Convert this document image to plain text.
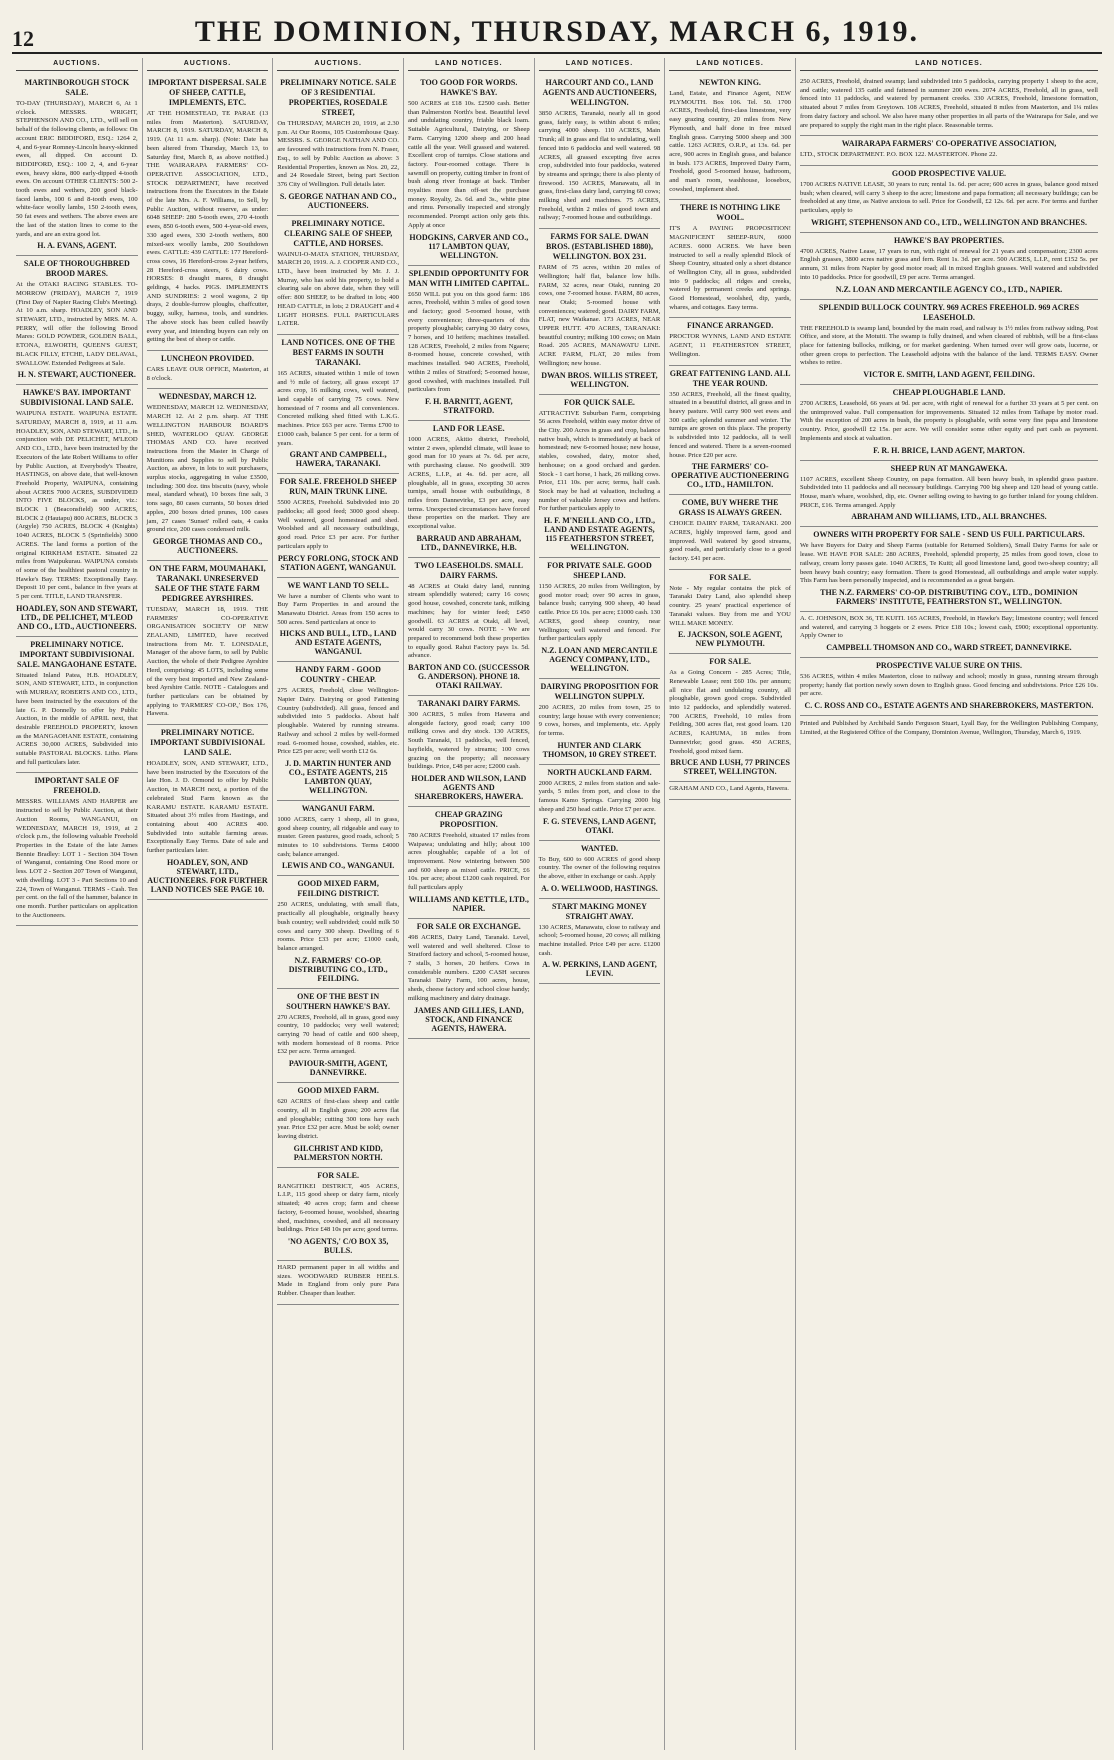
12	THE DOMINION, THURSDAY, MARCH 6, 1919.
AUCTIONS.
MARTINBOROUGH STOCK SALE.
TO-DAY (THURSDAY), MARCH 6, At 1 o'clock. MESSRS. WRIGHT, STEPHENSON AND CO., LTD., will sell on behalf of the following clients, as follows: On account ERIC BIDDIFORD, ESQ.: 1264 2, 4, and 6-year Romney-Lincoln heavy-skinned ewes, all dipped. On account D. BIDDIFORD, ESQ.: 100 2, 4, and 6-year ewes, heavy skins, 800 early-dipped 4-tooth ewes. On account OTHER CLIENTS: 500 2-tooth ewes and wethers, 200 good black-faced lambs, 100 6 and 8-tooth ewes, 100 white-face woolly lambs, 150 2-tooth ewes, 50 fat ewes and wethers. The above ewes are the last of the station lines to come to the yards, and are an extra good lot.
H. A. EVANS, AGENT.
SALE OF THOROUGHBRED BROOD MARES.
At the OTAKI RACING STABLES. TO-MORROW (FRIDAY), MARCH 7, 1919 (First Day of Napier Racing Club's Meeting). At 10 a.m. sharp. HOADLEY, SON AND STEWART, LTD., instructed by MRS. M. A. PERRY, will offer the following Brood Mares: GOLD POWDER, GOLDEN BALL, ETONA, ELWORTH, QUEEN'S GUEST, BLACK FILLY, ETCHE, LADY DELAVAL, SWALLOW. Extended Pedigrees at Sale.
H. N. STEWART, AUCTIONEER.
HAWKE'S BAY. IMPORTANT SUBDIVISIONAL LAND SALE.
WAIPUNA ESTATE. WAIPUNA ESTATE. SATURDAY, MARCH 8, 1919, at 11 a.m. HOADLEY, SON, AND STEWART, LTD., in conjunction with DE PELICHET, M'LEOD AND CO., LTD., have been instructed by the Executors of the late Robert Williams to offer by Public Auction, at Everybody's Theatre, HASTINGS, on above date, that well-known Freehold Property, WAIPUNA, containing about ACRES 7000 ACRES, SUBDIVIDED INTO FIVE BLOCKS, as under, viz.: BLOCK 1 (Beaconsfield) 900 ACRES, BLOCK 2 (Hautapu) 800 ACRES, BLOCK 3 (Argyle) 750 ACRES, BLOCK 4 (Knights) 1040 ACRES, BLOCK 5 (Sprinfields) 3000 ACRES. The land forms a portion of the original KIRKHAM ESTATE. Situated 22 miles from Waipukurau. WAIPUNA consists of some of the healthiest pastoral country in Hawke's Bay. TERMS: Exceptionally Easy. Deposit 10 per cent., balance in five years at 5 per cent. TITLE, LAND TRANSFER.
HOADLEY, SON AND STEWART, LTD., DE PELICHET, M'LEOD AND CO., LTD., AUCTIONEERS.
PRELIMINARY NOTICE. IMPORTANT SUBDIVISIONAL SALE. MANGAOHANE ESTATE.
Situated Inland Patea, H.B. HOADLEY, SON, AND STEWART, LTD., in conjunction with MURRAY, ROBERTS AND CO., LTD., have been instructed by the executors of the late G. P. Donnelly to offer by Public Auction, in the middle of APRIL next, that desirable FREEHOLD PROPERTY, known as the MANGAOHANE ESTATE, containing ACRES 30,000 ACRES, Subdivided into suitable PASTORAL BLOCKS. Litho. Plans and full particulars later.
IMPORTANT SALE OF FREEHOLD.
MESSRS. WILLIAMS AND HARPER are instructed to sell by Public Auction, at their Auction Rooms, WANGANUI, on WEDNESDAY, MARCH 19, 1919, at 2 o'clock p.m., the following valuable Freehold Properties in the Estate of the late James Bennie Bradley: LOT 1 - Section 304 Town of Wanganui, containing One Rood more or less. LOT 2 - Section 207 Town of Wanganui, with dwelling. LOT 3 - Part Sections 10 and 224, Town of Wanganui. TERMS - Cash. Ten per cent. on the fall of the hammer, balance in one month. Further particulars on application to the Auctioneers.
AUCTIONS.
IMPORTANT DISPERSAL SALE OF SHEEP, CATTLE, IMPLEMENTS, ETC.
AT THE HOMESTEAD, TE PARAE (13 miles from Masterton). SATURDAY, MARCH 8, 1919. SATURDAY, MARCH 8, 1919. (At 11 a.m. sharp). (Note: Date has been altered from Thursday, March 13, to Saturday first, March 8, as above notified.) THE WAIRARAPA FARMERS' CO-OPERATIVE ASSOCIATION, LTD., STOCK DEPARTMENT, have received instructions from the Executors in the Estate of the late Mrs. A. F. Williams, to Sell, by Public Auction, without reserve, as under: 6048 SHEEP: 280 5-tooth ewes, 270 4-tooth ewes, 850 6-tooth ewes, 500 4-year-old ewes, 330 aged ewes, 330 2-tooth wethers, 800 mixed-sex woolly lambs, 200 Southdown ewes. CATTLE: 439 CATTLE: 177 Hereford-cross cows, 16 Hereford-cross 2-year heifers, 28 Hereford-cross steers, 6 dairy cows. HORSES: 8 draught mares, 8 draught geldings, 4 hacks. PIGS. IMPLEMENTS AND SUNDRIES: 2 wool wagons, 2 tip drays, 2 double-furrow ploughs, chaffcutter, buggy, sulky, harness, tools, and sundries. The above stock has been culled heavily every year, and intending buyers can rely on getting the best of sheep or cattle.
LUNCHEON PROVIDED.
CARS LEAVE OUR OFFICE, Masterton, at 8 o'clock.
WEDNESDAY, MARCH 12.
WEDNESDAY, MARCH 12. WEDNESDAY, MARCH 12. At 2 p.m. sharp. AT THE WELLINGTON HARBOUR BOARD'S SHED, WATERLOO QUAY. GEORGE THOMAS AND CO. have received instructions from the Master in Charge of Munitions and Supplies to sell by Public Auction, as above, in lots to suit purchasers, surplus stocks, aggregating in value £3500, including: 300 doz. tins biscuits (navy, whole meal, standard wheat), 10 boxes fine salt, 3 tons sago, 80 cases currants, 50 boxes dried apples, 200 boxes dried prunes, 100 cases jam, 27 cases 'Sunset' rolled oats, 4 casks ground rice, 200 cases condensed milk.
GEORGE THOMAS AND CO., AUCTIONEERS.
ON THE FARM, MOUMAHAKI, TARANAKI. UNRESERVED SALE OF THE STATE FARM PEDIGREE AYRSHIRES.
TUESDAY, MARCH 18, 1919. THE FARMERS' CO-OPERATIVE ORGANISATION SOCIETY OF NEW ZEALAND, LIMITED, have received instructions from Mr. T. LONSDALE, Manager of the above farm, to sell by Public Auction, the whole of their Pedigree Ayrshire Herd, comprising: 45 LOTS, including some of the very best imported and New Zealand-bred Ayrshire Cattle. NOTE - Catalogues and further particulars can be obtained by applying to 'FARMERS' CO-OP.,' Box 176, Hawera.
PRELIMINARY NOTICE. IMPORTANT SUBDIVISIONAL LAND SALE.
HOADLEY, SON, AND STEWART, LTD., have been instructed by the Executors of the late Hon. J. D. Ormond to offer by Public Auction, in MARCH next, a portion of the celebrated Stud Farm known as the KARAMU ESTATE. KARAMU ESTATE. Situated about 3½ miles from Hastings, and containing about 400 ACRES 400. Subdivided into suitable farming areas. Exceptionally Easy Terms. Date of sale and further particulars later.
HOADLEY, SON, AND STEWART, LTD., AUCTIONEERS. FOR FURTHER LAND NOTICES SEE PAGE 10.
AUCTIONS.
PRELIMINARY NOTICE. SALE OF 3 RESIDENTIAL PROPERTIES, ROSEDALE STREET,
On THURSDAY, MARCH 20, 1919, at 2.30 p.m. At Our Rooms, 105 Customhouse Quay. MESSRS. S. GEORGE NATHAN AND CO. are favoured with instructions from N. Fraser, Esq., to sell by Public Auction as above: 3 Residential Properties, known as Nos. 20, 22, and 24 Rosedale Street, being part Section 376 City of Wellington. Full details later.
S. GEORGE NATHAN AND CO., AUCTIONEERS.
PRELIMINARY NOTICE. CLEARING SALE OF SHEEP, CATTLE, AND HORSES.
WAINUI-O-MATA STATION, THURSDAY, MARCH 20, 1919. A. J. COOPER AND CO., LTD., have been instructed by Mr. J. J. Murray, who has sold his property, to hold a clearing sale on above date, when they will offer: 800 SHEEP, to be drafted in lots; 400 HEAD CATTLE, in lots; 2 DRAUGHT and 4 LIGHT HORSES. FULL PARTICULARS LATER.
LAND NOTICES. ONE OF THE BEST FARMS IN SOUTH TARANAKI.
165 ACRES, situated within 1 mile of town and ½ mile of factory, all grass except 17 acres crop, 16 milking cows, well watered, land capable of carrying 75 cows. New homestead of 7 rooms and all conveniences. Concreted milking shed fitted with L.K.G. machines. Price £63 per acre. Terms £700 to £1000 cash, balance 5 per cent. for a term of years.
GRANT AND CAMPBELL, HAWERA, TARANAKI.
FOR SALE. FREEHOLD SHEEP RUN, MAIN TRUNK LINE.
5500 ACRES, Freehold. Subdivided into 20 paddocks; all good feed; 3000 good sheep. Well watered, good homestead and shed. Woolshed and all necessary outbuildings, good road. Price £3 per acre. For further particulars apply to
PERCY FORLONG, STOCK AND STATION AGENT, WANGANUI.
WE WANT LAND TO SELL.
We have a number of Clients who want to Buy Farm Properties in and around the Manawatu District. Areas from 150 acres to 500 acres. Send particulars at once to
HICKS AND BULL, LTD., LAND AND ESTATE AGENTS, WANGANUI.
HANDY FARM - GOOD COUNTRY - CHEAP.
275 ACRES, Freehold, close Wellington-Napier Dairy. Dairying or good Fattening Country (subdivided). All grass, fenced and subdivided into 5 paddocks. About half ploughable. Watered by running streams. Railway and school 2 miles by well-formed road. 6-roomed house, cowshed, stables, etc. Price £25 per acre; well worth £12 6s.
J. D. MARTIN HUNTER AND CO., ESTATE AGENTS, 215 LAMBTON QUAY, WELLINGTON.
WANGANUI FARM.
1000 ACRES, carry 1 sheep, all in grass, good sheep country, all ridgeable and easy to muster. Green pastures, good roads, school; 5 minutes to 10 subdivisions. Terms £4000 cash; balance arranged.
LEWIS AND CO., WANGANUI.
GOOD MIXED FARM, FEILDING DISTRICT.
250 ACRES, undulating, with small flats, practically all ploughable, originally heavy bush country; well subdivided; could milk 50 cows and carry 300 sheep. Dwelling of 6 rooms. Price £33 per acre; £1000 cash, balance arranged.
N.Z. FARMERS' CO-OP. DISTRIBUTING CO., LTD., FEILDING.
ONE OF THE BEST IN SOUTHERN HAWKE'S BAY.
270 ACRES, Freehold, all in grass, good easy country, 10 paddocks; very well watered; carrying 70 head of cattle and 600 sheep, with modern homestead of 8 rooms. Price £32 per acre. Terms arranged.
PAVIOUR-SMITH, AGENT, DANNEVIRKE.
GOOD MIXED FARM.
620 ACRES of first-class sheep and cattle country, all in English grass; 200 acres flat and ploughable; cutting 300 tons hay each year. Price £32 per acre. Must be sold; owner leaving district.
GILCHRIST AND KIDD, PALMERSTON NORTH.
FOR SALE.
RANGITIKEI DISTRICT, 405 ACRES, L.I.P., 115 good sheep or dairy farm, nicely situated; 40 acres crop; farm and cheese factory, 6-roomed house, woolshed, shearing shed, machines, cowshed, and all necessary buildings. Price £48 10s per acre; good terms.
'NO AGENTS,' C/O BOX 35, BULLS.
HARD permanent paper in all widths and sizes. WOODWARD RUBBER HEELS. Made in England from only pure Para Rubber. Cheaper than leather.
LAND NOTICES.
TOO GOOD FOR WORDS. HAWKE'S BAY.
500 ACRES at £18 10s. £2500 cash. Better than Palmerston North's best. Beautiful level and undulating country, friable black loam. Suitable Agricultural, Dairying, or Sheep Farm. Carrying 1200 sheep and 200 head cattle all the year. Well grassed and watered. Excellent crop of turnips. Close stations and factory. Four-roomed cottage. There is sawmill on property, cutting timber in front of bush along river frontage at back. Timber royalties more than off-set the purchase money. Royalty, 2s. 6d. and 3s., white pine and rimu. Personally inspected and strongly recommended. Prompt action only gets this. Apply at once
HODGKINS, CARVER AND CO., 117 LAMBTON QUAY, WELLINGTON.
SPLENDID OPPORTUNITY FOR MAN WITH LIMITED CAPITAL.
£650 WILL put you on this good farm: 186 acres, Freehold, within 3 miles of good town and factory; good 5-roomed house, with every convenience; three-quarters of this property ploughable; carrying 30 dairy cows, 7 horses, and 10 heifers; machines installed. 128 ACRES, Freehold, 2 miles from Ngaere; 8-roomed house, concrete cowshed, with machines installed. 940 ACRES, Freehold, within 2 miles of Stratford; 5-roomed house, good cowshed, with machines installed. Full particulars from
F. H. BARNITT, AGENT, STRATFORD.
LAND FOR LEASE.
1000 ACRES, Akitio district, Freehold, winter 2 ewes, splendid climate, will lease to good man for 10 years at 7s. 6d. per acre, with purchasing clause. No goodwill. 309 ACRES, L.I.P., at 4s. 6d. per acre, all ploughable, all in grass, excepting 30 acres turnips, small house with outbuildings, 8 miles from Dannevirke, £3 per acre, easy terms. Unexpected circumstances have forced these properties on the market. They are exceptional value.
BARRAUD AND ABRAHAM, LTD., DANNEVIRKE, H.B.
TWO LEASEHOLDS. SMALL DAIRY FARMS.
48 ACRES at Otaki dairy land, running stream splendidly watered; carry 16 cows; good house, cowshed, concrete tank, milking machines; hay for winter feed; £450 goodwill. 63 ACRES at Otaki, all level, would carry 30 cows. NOTE - We are prepared to recommend both these properties to equally good. Rahui Factory pays 1s. 5d. advance.
BARTON AND CO. (SUCCESSOR G. ANDERSON). PHONE 18. OTAKI RAILWAY.
TARANAKI DAIRY FARMS.
300 ACRES, 5 miles from Hawera and alongside factory, good road; carry 100 milking cows and dry stock. 130 ACRES, South Taranaki, 11 paddocks, well fenced, hayfields, watered by streams; 100 cows grazing on the property; all necessary buildings. Price, £48 per acre; £2000 cash.
HOLDER AND WILSON, LAND AGENTS AND SHAREBROKERS, HAWERA.
CHEAP GRAZING PROPOSITION.
780 ACRES Freehold, situated 17 miles from Waipawa; undulating and hilly; about 100 acres ploughable; capable of a lot of improvement. Now wintering between 500 and 600 sheep as mixed cattle. PRICE, £6 10s. per acre; about £1200 cash required. For full particulars apply
WILLIAMS AND KETTLE, LTD., NAPIER.
FOR SALE OR EXCHANGE.
498 ACRES, Dairy Land, Taranaki. Level, well watered and well sheltered. Close to Stratford factory and school, 5-roomed house, 7 stalls, 3 horses, 20 heifers. Cows in considerable numbers. £200 CASH secures Taranaki Dairy Farm, 100 acres, house, sheds, cheese factory and school close handy; milking machinery and dairy drainage.
JAMES AND GILLIES, LAND, STOCK, AND FINANCE AGENTS, HAWERA.
LAND NOTICES.
HARCOURT AND CO., LAND AGENTS AND AUCTIONEERS, WELLINGTON.
3850 ACRES, Taranaki, nearly all in good grass, fairly easy, is within about 6 miles; carrying 4000 sheep. 110 ACRES, Main Trunk; all in grass and flat to undulating, well fenced into 6 paddocks and well watered. 98 ACRES, all grassed excepting five acres crop, subdivided into four paddocks, watered by streams and springs; there is also plenty of firewood. 150 ACRES, Manawatu, all in grass, first-class dairy land, carrying 60 cows; milking shed and machines. 75 ACRES, Freehold, within 2 miles of good town and railway; 7-roomed house and outbuildings.
FARMS FOR SALE. DWAN BROS. (ESTABLISHED 1880), WELLINGTON. BOX 231.
FARM of 75 acres, within 20 miles of Wellington; half flat, balance low hills. FARM, 32 acres, near Otaki, running 20 cows, one 7-roomed house. FARM, 80 acres, near Otaki; 5-roomed house with conveniences; watered; good. DAIRY FARM, FLAT, new Waikanae. 173 ACRES, NEAR UPPER HUTT. 470 ACRES, TARANAKI: beautiful country; milking 100 cows; on Main Road. 205 ACRES, MANAWATU LINE. ACRE FARM, FLAT, 20 miles from Wellington; new house.
DWAN BROS. WILLIS STREET, WELLINGTON.
FOR QUICK SALE.
ATTRACTIVE Suburban Farm, comprising 56 acres Freehold, within easy motor drive of the City. 200 Acres in grass and crop, balance native bush, which is immediately at back of homestead; new 6-roomed house; new house, stables, cowshed, dairy, motor shed, henhouse; on a good orchard and garden. Stock - 1 cart horse, 1 hack, 26 milking cows. Price, £11 10s. per acre; terms, half cash. Stock may be had at valuation, including a number of valuable Jersey cows and heifers. For further particulars apply to
H. F. M'NEILL AND CO., LTD., LAND AND ESTATE AGENTS, 115 FEATHERSTON STREET, WELLINGTON.
FOR PRIVATE SALE. GOOD SHEEP LAND.
1150 ACRES, 20 miles from Wellington, by good motor road; over 90 acres in grass, balance bush; carrying 900 sheep, 40 head cattle. Price £6 10s. per acre; £1000 cash. 130 ACRES, good sheep country, near Wellington; well watered and fenced. For further particulars apply
N.Z. LOAN AND MERCANTILE AGENCY COMPANY, LTD., WELLINGTON.
DAIRYING PROPOSITION FOR WELLINGTON SUPPLY.
200 ACRES, 20 miles from town, 25 to country; large house with every convenience; 9 cows, horses, and implements, etc. Apply for terms.
HUNTER AND CLARK THOMSON, 10 GREY STREET.
NORTH AUCKLAND FARM.
2000 ACRES, 2 miles from station and sale-yards, 5 miles from port, and close to the famous Kamo Springs. Carrying 2000 big sheep and 250 head cattle. Price £7 per acre.
F. G. STEVENS, LAND AGENT, OTAKI.
WANTED.
To Buy, 600 to 600 ACRES of good sheep country. The owner of the following requires the above, either in exchange or cash. Apply
A. O. WELLWOOD, HASTINGS.
START MAKING MONEY STRAIGHT AWAY.
130 ACRES, Manawatu, close to railway and school; 5-roomed house, 20 cows; all milking machine installed. Price £49 per acre. £1200 cash.
A. W. PERKINS, LAND AGENT, LEVIN.
LAND NOTICES.
NEWTON KING.
Land, Estate, and Finance Agent, NEW PLYMOUTH. Box 106. Tel. 50. 1700 ACRES, Freehold, first-class limestone, very easy grazing country, 20 miles from New Plymouth, and half done in free mixed English grass. Carrying 5000 sheep and 300 cattle. 1263 ACRES, O.R.P., at 13s. 6d. per acre, 900 acres in English grass, and balance in bush. 173 ACRES, Improved Dairy Farm, Freehold, good 5-roomed house, bathroom, and man's room, washhouse, loosebox, cowshed, implement shed.
THERE IS NOTHING LIKE WOOL.
IT'S A PAYING PROPOSITION! MAGNIFICENT SHEEP-RUN, 6000 ACRES. 6000 ACRES. We have been instructed to sell a really splendid Block of Sheep Country, situated only a short distance of Wellington City, all in grass, subdivided into 9 paddocks; all ridges and creeks, watered by permanent creeks and springs. Good Homestead, woolshed, dip, yards, whares, and cottages. Easy terms.
FINANCE ARRANGED.
PROCTOR WYNNS, LAND AND ESTATE AGENT, 11 FEATHERSTON STREET, Wellington.
GREAT FATTENING LAND. ALL THE YEAR ROUND.
350 ACRES, Freehold, all the finest quality, situated in a beautiful district, all grass and in heavy pasture. Will carry 900 wet ewes and 300 cattle; splendid summer and winter. The turnips are grown on this place. The property is subdivided into 12 paddocks, all is well fenced and watered. There is a seven-roomed house. Price £20 per acre.
THE FARMERS' CO-OPERATIVE AUCTIONEERING CO., LTD., HAMILTON.
COME, BUY WHERE THE GRASS IS ALWAYS GREEN.
CHOICE DAIRY FARM, TARANAKI. 200 ACRES, highly improved farm, good and improved. Well watered by good streams, good roads, and particularly close to a good factory. £41 per acre.
FOR SALE.
Note - My regular contains the pick of Taranaki Dairy Land, also splendid sheep country. 25 years' practical experience of Taranaki values. Buy from me and YOU WILL MAKE MONEY.
E. JACKSON, SOLE AGENT, NEW PLYMOUTH.
FOR SALE.
As a Going Concern - 285 Acres; Title, Renewable Lease; rent £60 10s. per annum; all nice flat and undulating country, all ploughable, grown good crops. Subdivided into 12 paddocks, and splendidly watered. 700 ACRES, Freehold, 10 miles from Feilding, 300 acres flat, rest good loam. 120 ACRES, KAHUMA, 18 miles from Dannevirke; good grass. 450 ACRES, Freehold, good mixed farm.
BRUCE AND LUSH, 77 PRINCES STREET, WELLINGTON.
GRAHAM AND CO., Land Agents, Hawera.
LAND NOTICES.
250 ACRES, Freehold, drained swamp; land subdivided into 5 paddocks, carrying property 1 sheep to the acre, and cattle; watered 135 cattle and fattened in summer 200 ewes. 2074 ACRES, Freehold, all in grass, well fenced into 11 paddocks, and watered by permanent creeks. 330 ACRES, Freehold, limestone formation, situated about 7 miles from Greytown. 108 ACRES, Freehold, situated 8 miles from Masterton, and 1¼ miles from dairy factory and school. We also have many other properties in all parts of the Wairarapa for Sale, and we are prepared to supply the right man in the right place. Reasonable terms.
WAIRARAPA FARMERS' CO-OPERATIVE ASSOCIATION,
LTD., STOCK DEPARTMENT. P.O. BOX 122. MASTERTON. Phone 22.
GOOD PROSPECTIVE VALUE.
1700 ACRES NATIVE LEASE, 30 years to run; rental 1s. 6d. per acre; 600 acres in grass, balance good mixed bush; when cleared, will carry 3 sheep to the acre; limestone and papa formation; all necessary buildings; can be freeholded at any time, as Native anxious to sell. Price for Goodwill, £2 12s. 6d. per acre. For terms and further particulars, apply to
WRIGHT, STEPHENSON AND CO., LTD., WELLINGTON AND BRANCHES.
HAWKE'S BAY PROPERTIES.
4700 ACRES, Native Lease, 17 years to run, with right of renewal for 21 years and compensation; 2300 acres English grasses, 3800 acres native grass and fern. Rent 1s. 3d. per acre. 500 ACRES, L.I.P., rent £152 5s. per annum, 31 miles from Napier by good motor road; all in mixed English grasses. Well watered and subdivided into 10 paddocks. Price for goodwill, £9 per acre. Terms arranged.
N.Z. LOAN AND MERCANTILE AGENCY CO., LTD., NAPIER.
SPLENDID BULLOCK COUNTRY. 969 ACRES FREEHOLD. 969 ACRES LEASEHOLD.
THE FREEHOLD is swamp land, bounded by the main road, and railway is 1½ miles from railway siding, Post Office, and store, at the Motuiti. The swamp is fully drained, and when cleared of rubbish, will be a first-class place for fattening bullocks, milking, or for market gardening. When turned over will grow oats, lucerne, or other green crops to perfection. The Leasehold adjoins with the balance of the land. TERMS EASY. Owner wishes to retire.
VICTOR E. SMITH, LAND AGENT, FEILDING.
CHEAP PLOUGHABLE LAND.
2700 ACRES, Leasehold, 66 years at 9d. per acre, with right of renewal for a further 33 years at 5 per cent. on the unimproved value. Full compensation for improvements. Situated 12 miles from Taihape by motor road. With the exception of 200 acres in bush, the property is ploughable, with some very fine papa and limestone country. Price, goodwill £2 15s. per acre. We will consider some other equity and part cash as payment. Implements and stock at valuation.
F. R. H. BRICE, LAND AGENT, MARTON.
SHEEP RUN AT MANGAWEKA.
1107 ACRES, excellent Sheep Country, on papa formation. All been heavy bush, in splendid grass pasture. Subdivided into 11 paddocks and all necessary buildings. Carrying 700 big sheep and 120 head of young cattle. House, man's whare, woolshed, dip, etc. Owner selling owing to having to go further inland for young children. PRICE, £16. Terms arranged. Apply
ABRAHAM AND WILLIAMS, LTD., ALL BRANCHES.
OWNERS WITH PROPERTY FOR SALE - SEND US FULL PARTICULARS.
We have Buyers for Dairy and Sheep Farms (suitable for Returned Soldiers), Small Dairy Farms for sale or lease. WE HAVE FOR SALE: 280 ACRES, Freehold, splendid property, 25 miles from good town, close to railway, cream lorry passes gate. 1040 ACRES, Te Kuiti; all good limestone land, good two-sheep country; all been heavy bush country; easy formation. There is good Homestead, all outbuildings and ample water supply. This Farm has been personally inspected, and is recommended as a great bargain.
THE N.Z. FARMERS' CO-OP. DISTRIBUTING COY., LTD., DOMINION FARMERS' INSTITUTE, FEATHERSTON ST., WELLINGTON.
A. C. JOHNSON, BOX 36, TE KUITI. 165 ACRES, Freehold, in Hawke's Bay; limestone country; well fenced and watered, and carrying 3 hoggets or 2 ewes. Price £18 10s.; lowest cash, £900; exceptional opportunity. Apply Owner to
CAMPBELL THOMSON AND CO., WARD STREET, DANNEVIRKE.
PROSPECTIVE VALUE SURE ON THIS.
536 ACRES, within 4 miles Masterton, close to railway and school; mostly in grass, running stream through property; handy flat portion newly sown down to English grass. Good fencing and subdivisions. Price £26 10s. per acre.
C. C. ROSS AND CO., ESTATE AGENTS AND SHAREBROKERS, MASTERTON.
Printed and Published by Archibald Sando Ferguson Stuart, Lyall Bay, for the Wellington Publishing Company, Limited, at the Registered Office of the Company, Dominion Avenue, Wellington, Thursday, March 6, 1919.
